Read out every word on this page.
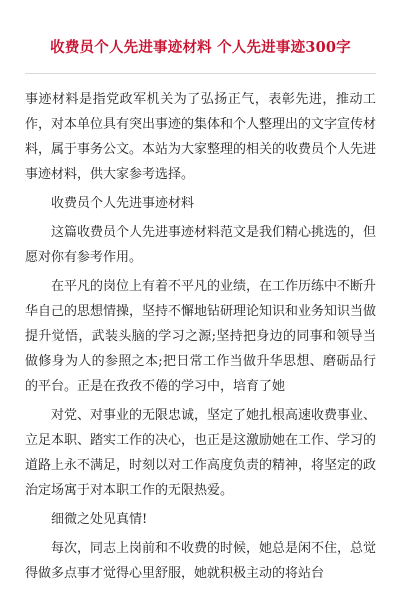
收费员个人先进事迹材料 个人先进事迹300字

事迹材料是指党政军机关为了弘扬正气，表彰先进，推动工作，对本单位具有突出事迹的集体和个人整理出的文字宣传材料，属于事务公文。本站为大家整理的相关的收费员个人先进事迹材料，供大家参考选择。

收费员个人先进事迹材料

这篇收费员个人先进事迹材料范文是我们精心挑选的，但愿对你有参考作用。

在平凡的岗位上有着不平凡的业绩，在工作历练中不断升华自己的思想情操，坚持不懈地钻研理论知识和业务知识当做提升觉悟，武装头脑的学习之源;坚持把身边的同事和领导当做修身为人的参照之本;把日常工作当做升华思想、磨砺品行的平台。正是在孜孜不倦的学习中，培育了她

对党、对事业的无限忠诚，坚定了她扎根高速收费事业、立足本职、踏实工作的决心，也正是这激励她在工作、学习的道路上永不满足，时刻以对工作高度负责的精神，将坚定的政治定场寓于对本职工作的无限热爱。

细微之处见真情!

每次，同志上岗前和不收费的时候，她总是闲不住，总觉得做多点事才觉得心里舒服，她就积极主动的将站台
